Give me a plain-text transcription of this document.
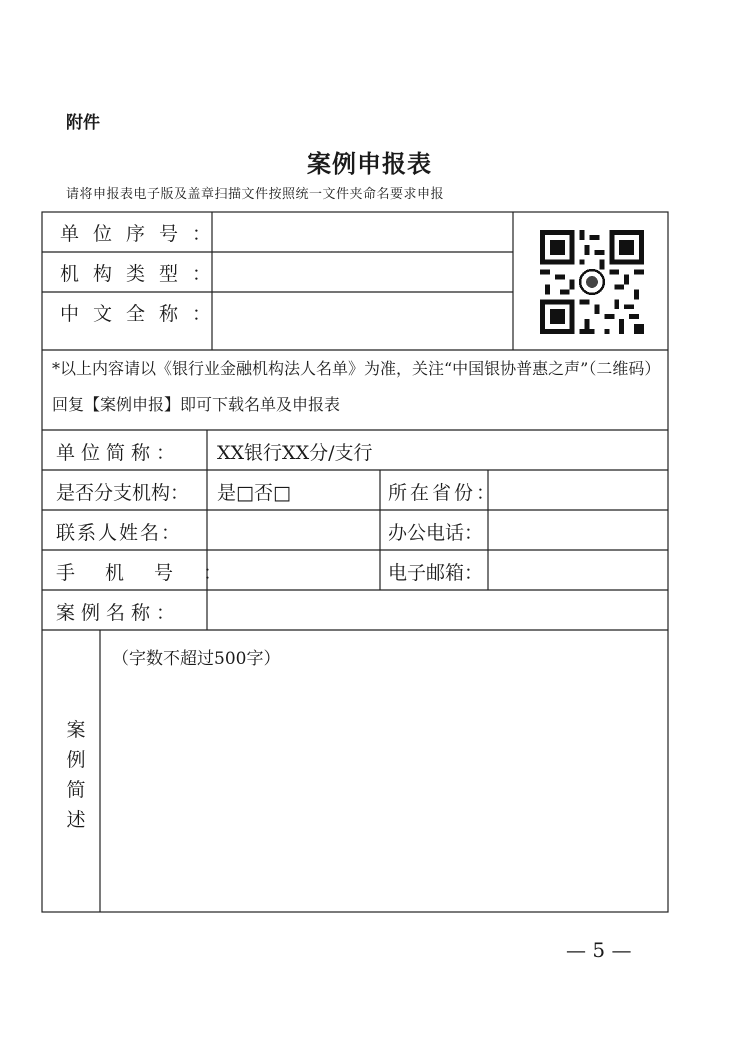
附件
案例申报表
请将申报表电子版及盖章扫描文件按照统一文件夹命名要求申报
单位序号：
机构类型：
中文全称：
*以上内容请以《银行业金融机构法人名单》为准，关注“中国银协普惠之声”（二维码）回复【案例申报】即可下载名单及申报表
单位简称： XX银行XX分/支行
是否分支机构： 是□否□	所在省份：
联系人姓名：	办公电话：
手机号：	电子邮箱：
案例名称：
案例简述
（字数不超过500字）
— 5 —
